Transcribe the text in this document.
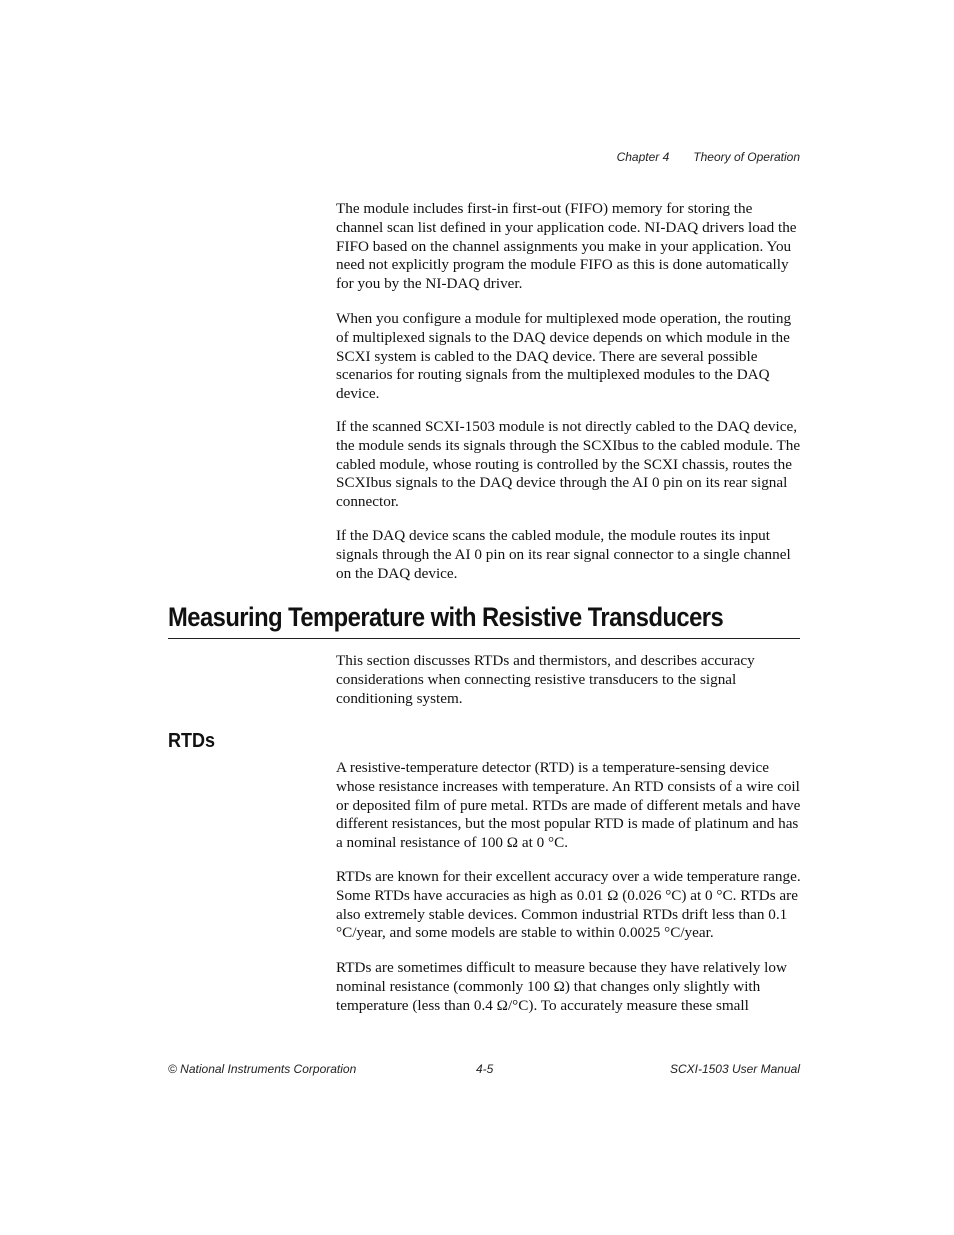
Chapter 4 Theory of Operation

The module includes first-in first-out (FIFO) memory for storing the channel scan list defined in your application code. NI-DAQ drivers load the FIFO based on the channel assignments you make in your application. You need not explicitly program the module FIFO as this is done automatically for you by the NI-DAQ driver.

When you configure a module for multiplexed mode operation, the routing of multiplexed signals to the DAQ device depends on which module in the SCXI system is cabled to the DAQ device. There are several possible scenarios for routing signals from the multiplexed modules to the DAQ device.

If the scanned SCXI-1503 module is not directly cabled to the DAQ device, the module sends its signals through the SCXIbus to the cabled module. The cabled module, whose routing is controlled by the SCXI chassis, routes the SCXIbus signals to the DAQ device through the AI 0 pin on its rear signal connector.

If the DAQ device scans the cabled module, the module routes its input signals through the AI 0 pin on its rear signal connector to a single channel on the DAQ device.

Measuring Temperature with Resistive Transducers

This section discusses RTDs and thermistors, and describes accuracy considerations when connecting resistive transducers to the signal conditioning system.

RTDs

A resistive-temperature detector (RTD) is a temperature-sensing device whose resistance increases with temperature. An RTD consists of a wire coil or deposited film of pure metal. RTDs are made of different metals and have different resistances, but the most popular RTD is made of platinum and has a nominal resistance of 100 Ω at 0 °C.

RTDs are known for their excellent accuracy over a wide temperature range. Some RTDs have accuracies as high as 0.01 Ω (0.026 °C) at 0 °C. RTDs are also extremely stable devices. Common industrial RTDs drift less than 0.1 °C/year, and some models are stable to within 0.0025 °C/year.

RTDs are sometimes difficult to measure because they have relatively low nominal resistance (commonly 100 Ω) that changes only slightly with temperature (less than 0.4 Ω/°C). To accurately measure these small

© National Instruments Corporation	4-5	SCXI-1503 User Manual
